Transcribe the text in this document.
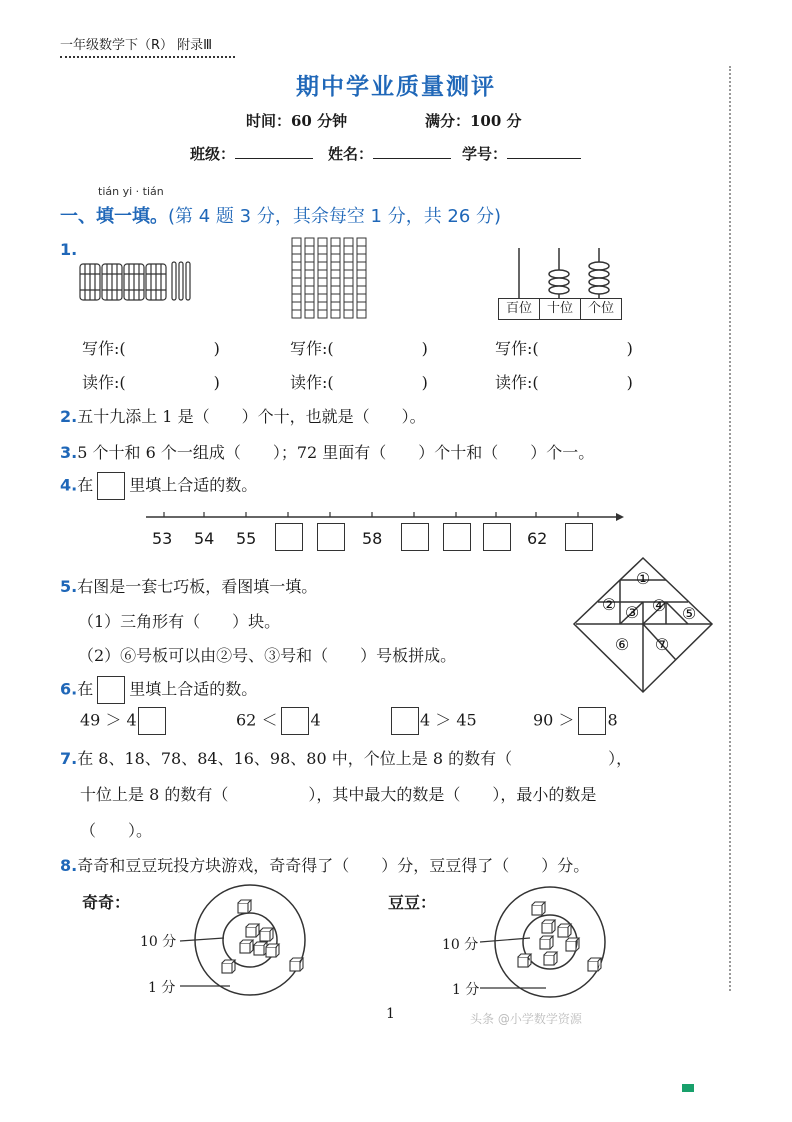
一年级数学下（R） 附录Ⅲ
期中学业质量测评
时间：60 分钟	满分：100 分
班级：	姓名：	学号：
tián yi · tián
一、填一填。(第 4 题 3 分，其余每空 1 分，共 26 分)
1.
百位	十位	个位
写作:(	)	写作:(	)	写作:(	)
读作:(	)	读作:(	)	读作:(	)
2.五十九添上 1 是（　　）个十，也就是（　　）。
3.5 个十和 6 个一组成（　　）；72 里面有（　　）个十和（　　）个一。
4.在 里填上合适的数。
53 54 55	58	62
5.右图是一套七巧板，看图填一填。
（1）三角形有（　　）块。
（2）⑥号板可以由②号、③号和（　　）号板拼成。
①
② ③ ④ ⑤
⑥ ⑦
6.在 里填上合适的数。
49 ＞ 4	62 ＜ 4	4 ＞ 45	90 ＞ 8
7.在 8、18、78、84、16、98、80 中，个位上是 8 的数有（　　　　　　），
十位上是 8 的数有（　　　　　），其中最大的数是（　　），最小的数是
（　　）。
8.奇奇和豆豆玩投方块游戏，奇奇得了（　　）分，豆豆得了（　　）分。
奇奇：	豆豆：
10 分
1 分
10 分
1 分
1	头条 @小学数学资源
